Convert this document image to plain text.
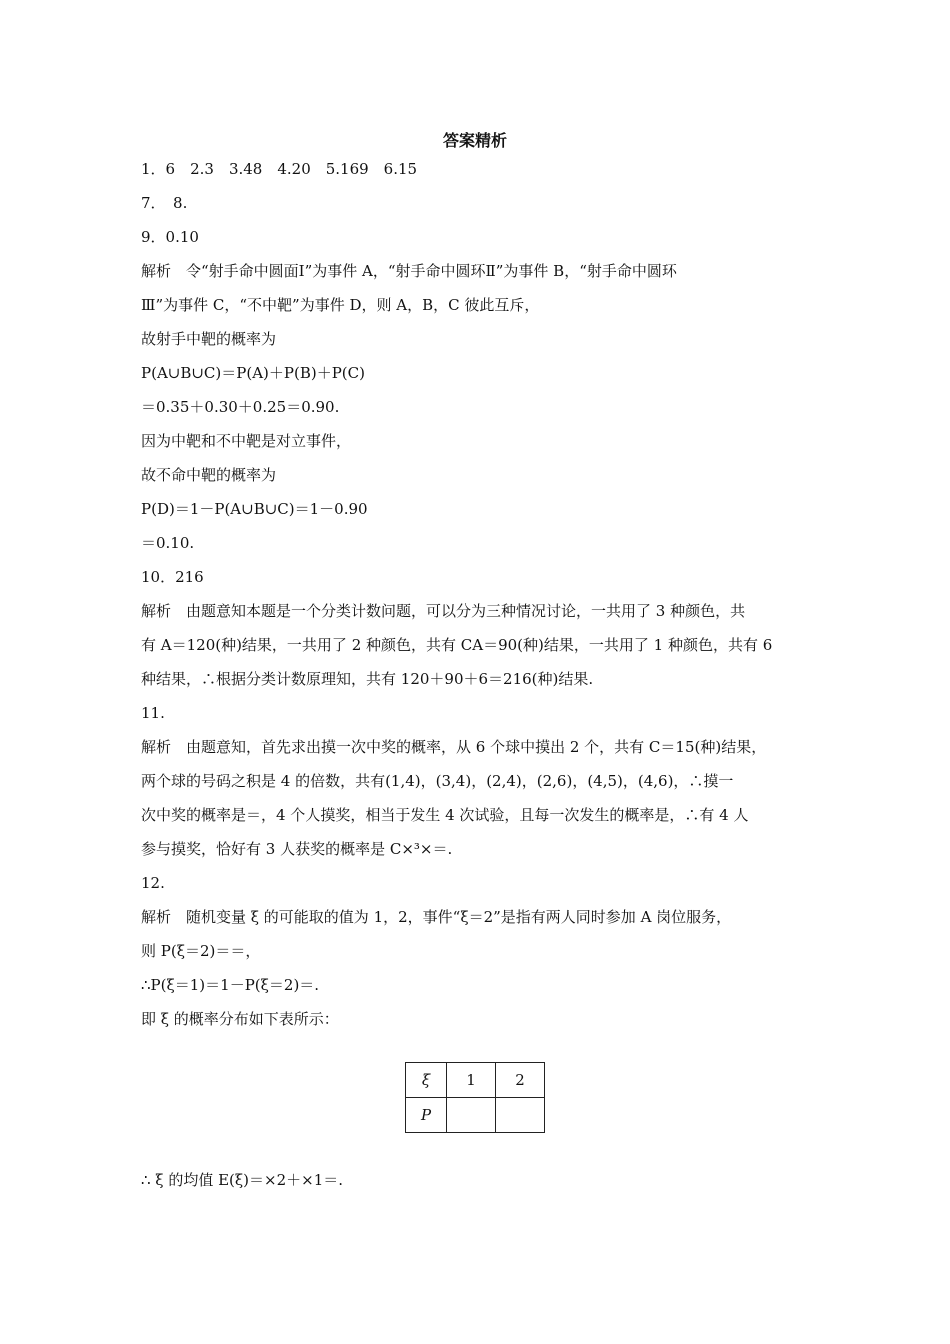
答案精析
1．6　2.3　3.48　4.20　5.169　6.15
7．　8.
9．0.10
解析　令“射手命中圆面Ⅰ”为事件 A，“射手命中圆环Ⅱ”为事件 B，“射手命中圆环
Ⅲ”为事件 C，“不中靶”为事件 D，则 A，B，C 彼此互斥，
故射手中靶的概率为
P(A∪B∪C)＝P(A)＋P(B)＋P(C)
＝0.35＋0.30＋0.25＝0.90.
因为中靶和不中靶是对立事件，
故不命中靶的概率为
P(D)＝1－P(A∪B∪C)＝1－0.90
＝0.10.
10．216
解析　由题意知本题是一个分类计数问题，可以分为三种情况讨论，一共用了 3 种颜色，共
有 A＝120(种)结果，一共用了 2 种颜色，共有 CA＝90(种)结果，一共用了 1 种颜色，共有 6
种结果，∴根据分类计数原理知，共有 120＋90＋6＝216(种)结果.
11.
解析　由题意知，首先求出摸一次中奖的概率，从 6 个球中摸出 2 个，共有 C＝15(种)结果，
两个球的号码之积是 4 的倍数，共有(1,4)，(3,4)，(2,4)，(2,6)，(4,5)，(4,6)，∴摸一
次中奖的概率是＝，4 个人摸奖，相当于发生 4 次试验，且每一次发生的概率是，∴有 4 人
参与摸奖，恰好有 3 人获奖的概率是 C×³×＝.
12.
解析　随机变量 ξ 的可能取的值为 1，2，事件“ξ＝2”是指有两人同时参加 A 岗位服务，
则 P(ξ＝2)＝＝，
∴P(ξ＝1)＝1－P(ξ＝2)＝.
即 ξ 的概率分布如下表所示：
ξ	1	2
P		
∴ ξ 的均值 E(ξ)＝×2＋×1＝.
